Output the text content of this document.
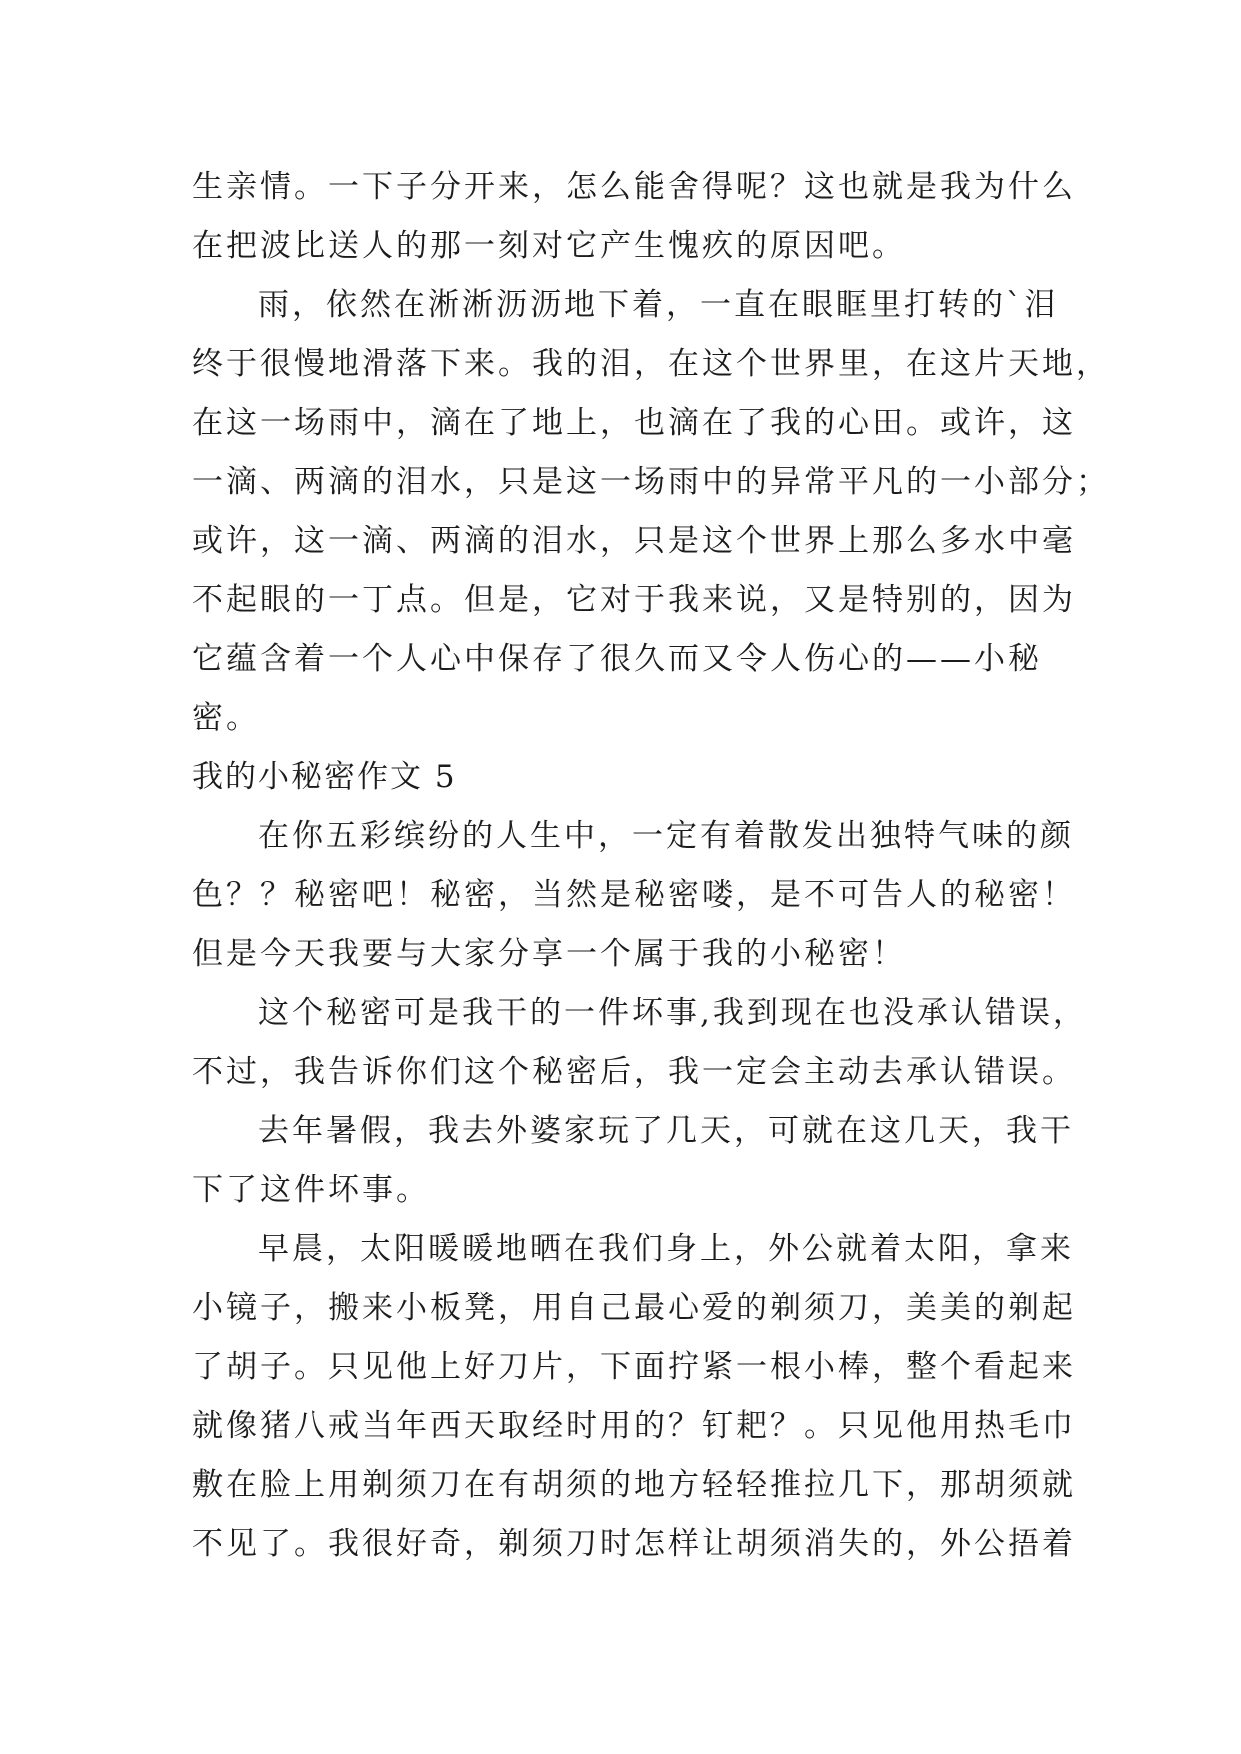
生亲情。一下子分开来，怎么能舍得呢？这也就是我为什么
在把波比送人的那一刻对它产生愧疚的原因吧。
雨，依然在淅淅沥沥地下着，一直在眼眶里打转的`泪
终于很慢地滑落下来。我的泪，在这个世界里，在这片天地，
在这一场雨中，滴在了地上，也滴在了我的心田。或许，这
一滴、两滴的泪水，只是这一场雨中的异常平凡的一小部分；
或许，这一滴、两滴的泪水，只是这个世界上那么多水中毫
不起眼的一丁点。但是，它对于我来说，又是特别的，因为
它蕴含着一个人心中保存了很久而又令人伤心的——小秘
密。
我的小秘密作文 5
在你五彩缤纷的人生中，一定有着散发出独特气味的颜
色？？秘密吧！秘密，当然是秘密喽，是不可告人的秘密！
但是今天我要与大家分享一个属于我的小秘密！
这个秘密可是我干的一件坏事,我到现在也没承认错误，
不过，我告诉你们这个秘密后，我一定会主动去承认错误。
去年暑假，我去外婆家玩了几天，可就在这几天，我干
下了这件坏事。
早晨，太阳暖暖地晒在我们身上，外公就着太阳，拿来
小镜子，搬来小板凳，用自己最心爱的剃须刀，美美的剃起
了胡子。只见他上好刀片，下面拧紧一根小棒，整个看起来
就像猪八戒当年西天取经时用的？钉耙？。只见他用热毛巾
敷在脸上用剃须刀在有胡须的地方轻轻推拉几下，那胡须就
不见了。我很好奇，剃须刀时怎样让胡须消失的，外公捂着
